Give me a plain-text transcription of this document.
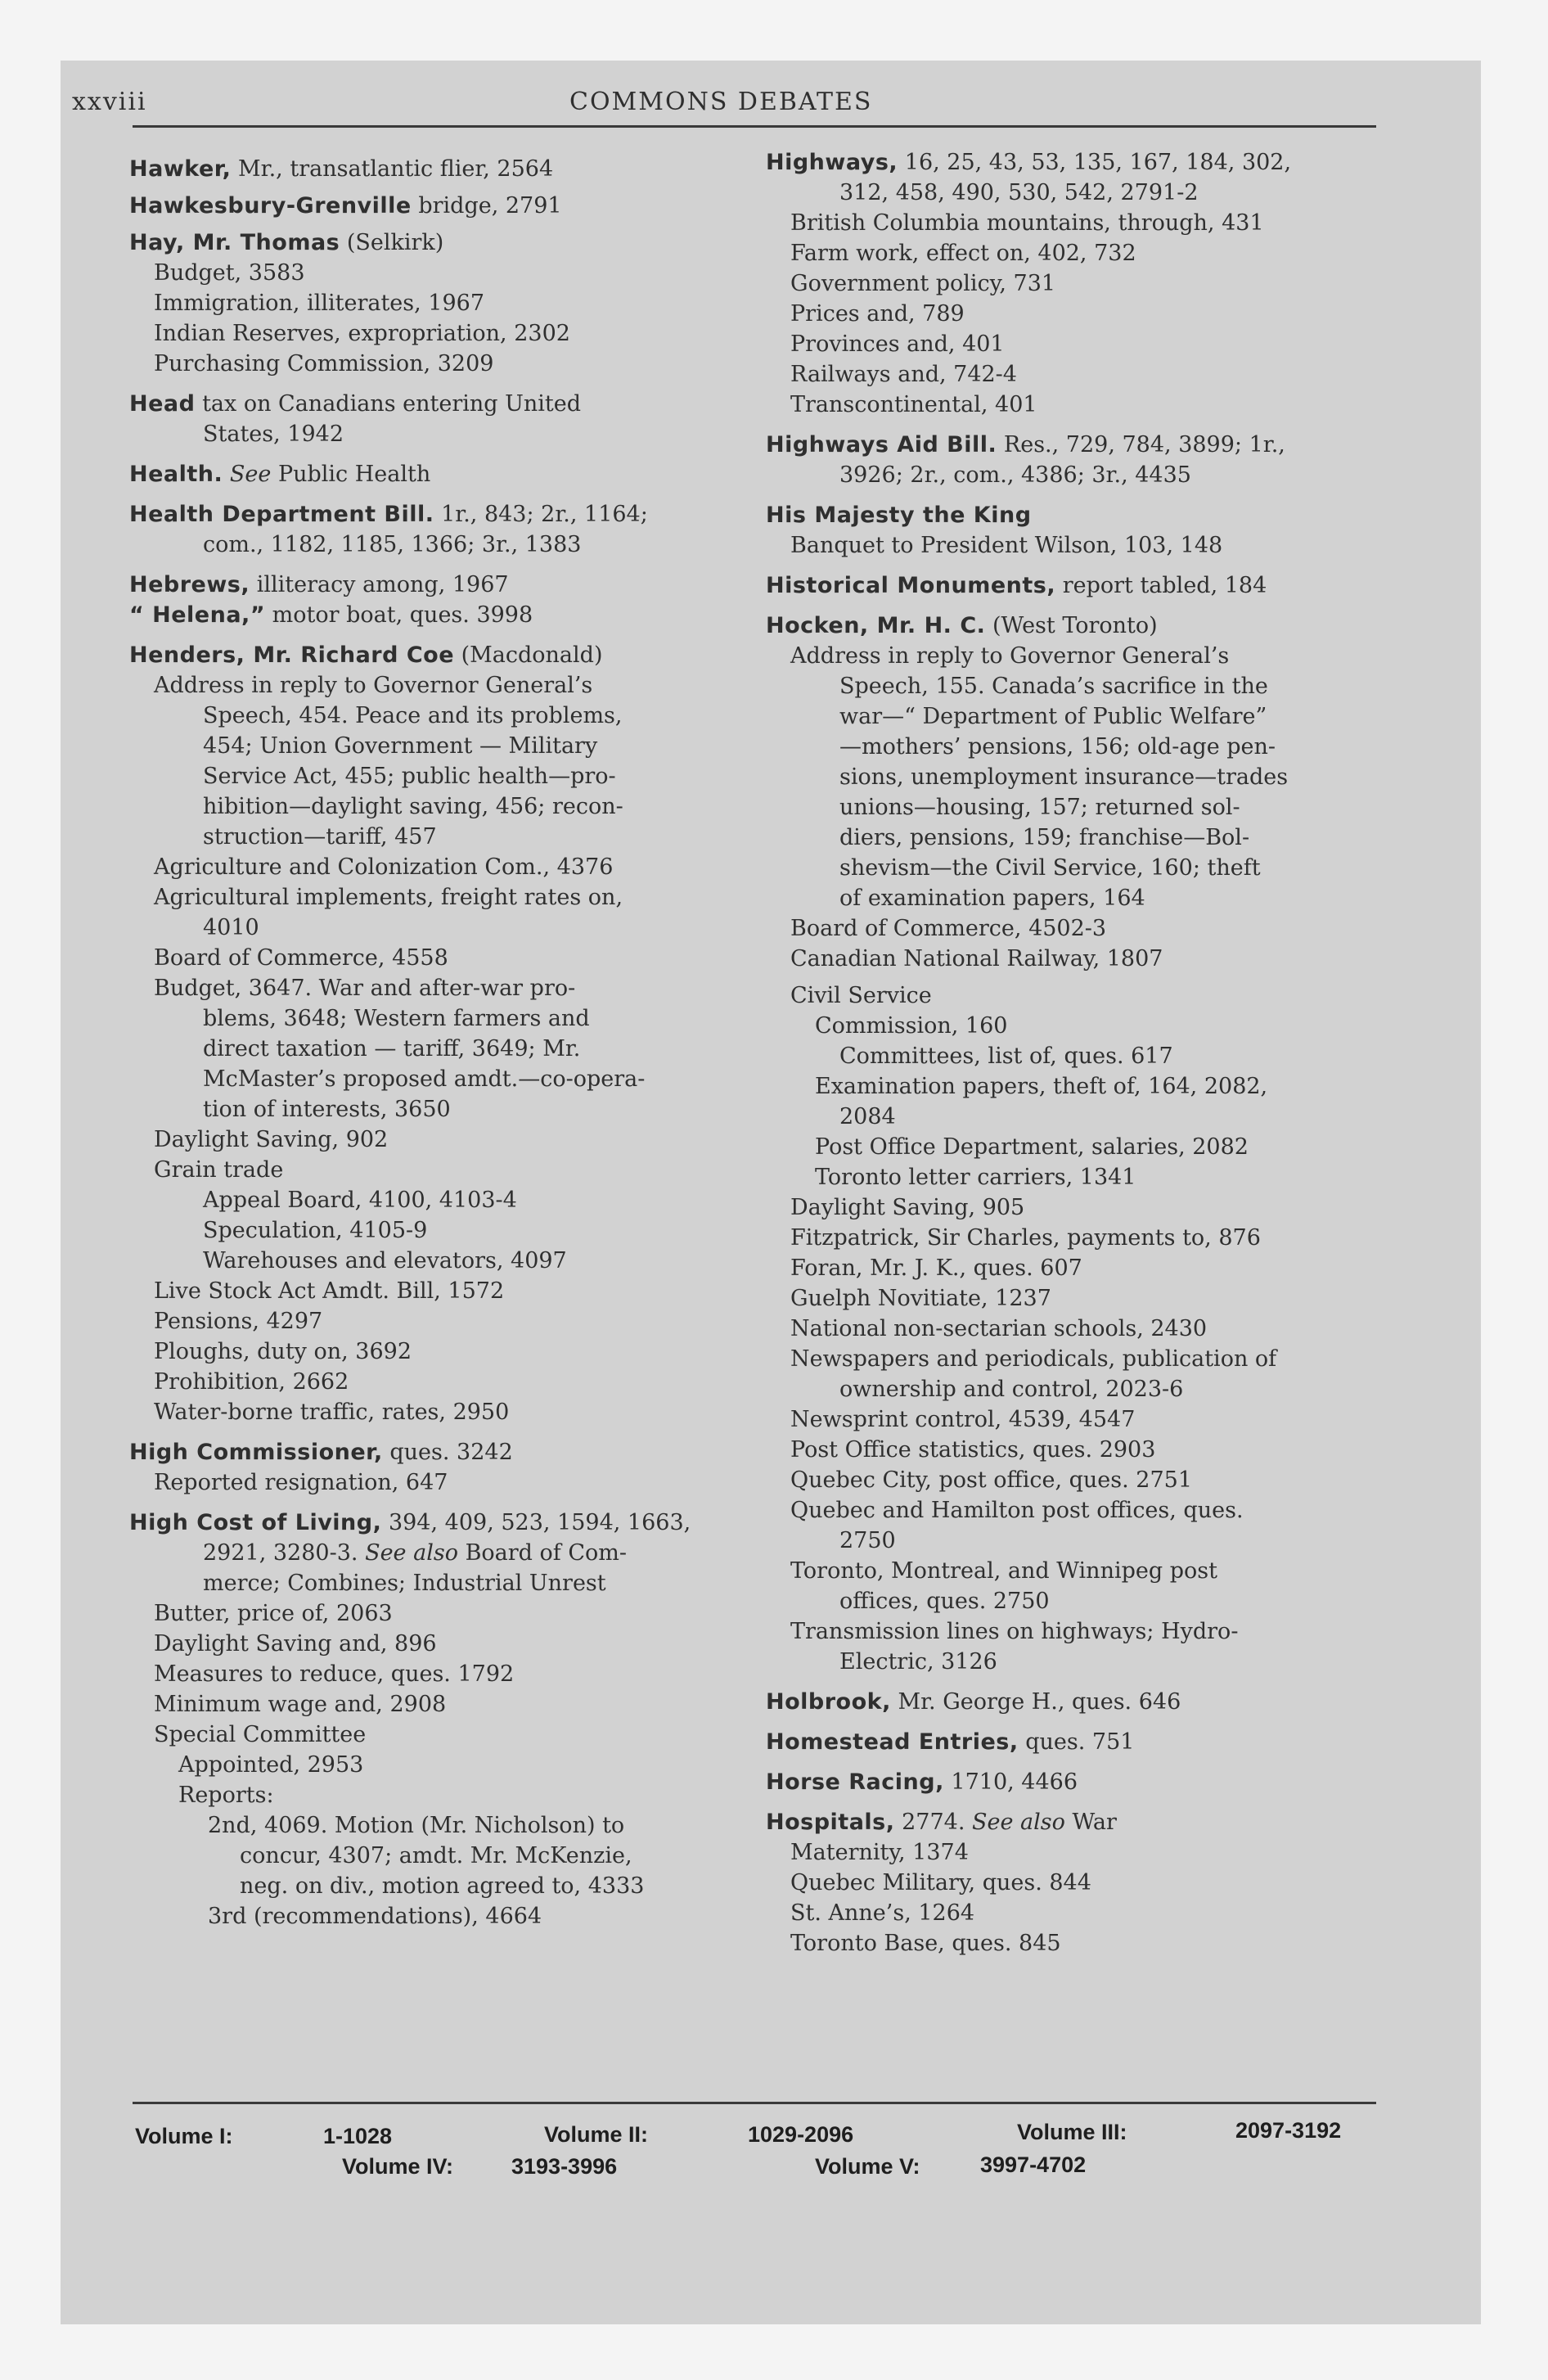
xxviii	COMMONS DEBATES

Hawker, Mr., transatlantic flier, 2564

Hawkesbury-Grenville bridge, 2791

Hay, Mr. Thomas (Selkirk)

Budget, 3583

Immigration, illiterates, 1967

Indian Reserves, expropriation, 2302

Purchasing Commission, 3209

Head tax on Canadians entering United

States, 1942

Health. See Public Health

Health Department Bill. 1r., 843; 2r., 1164;

com., 1182, 1185, 1366; 3r., 1383

Hebrews, illiteracy among, 1967

“ Helena,” motor boat, ques. 3998

Henders, Mr. Richard Coe (Macdonald)

Address in reply to Governor General’s

Speech, 454. Peace and its problems,

454; Union Government — Military

Service Act, 455; public health—pro-

hibition—daylight saving, 456; recon-

struction—tariff, 457

Agriculture and Colonization Com., 4376

Agricultural implements, freight rates on,

4010

Board of Commerce, 4558

Budget, 3647. War and after-war pro-

blems, 3648; Western farmers and

direct taxation — tariff, 3649; Mr.

McMaster’s proposed amdt.—co-opera-

tion of interests, 3650

Daylight Saving, 902

Grain trade

Appeal Board, 4100, 4103-4

Speculation, 4105-9

Warehouses and elevators, 4097

Live Stock Act Amdt. Bill, 1572

Pensions, 4297

Ploughs, duty on, 3692

Prohibition, 2662

Water-borne traffic, rates, 2950

High Commissioner, ques. 3242

Reported resignation, 647

High Cost of Living, 394, 409, 523, 1594, 1663,

2921, 3280-3. See also Board of Com-

merce; Combines; Industrial Unrest

Butter, price of, 2063

Daylight Saving and, 896

Measures to reduce, ques. 1792

Minimum wage and, 2908

Special Committee

Appointed, 2953

Reports:

2nd, 4069. Motion (Mr. Nicholson) to

concur, 4307; amdt. Mr. McKenzie,

neg. on div., motion agreed to, 4333

3rd (recommendations), 4664

Highways, 16, 25, 43, 53, 135, 167, 184, 302,

312, 458, 490, 530, 542, 2791-2

British Columbia mountains, through, 431

Farm work, effect on, 402, 732

Government policy, 731

Prices and, 789

Provinces and, 401

Railways and, 742-4

Transcontinental, 401

Highways Aid Bill. Res., 729, 784, 3899; 1r.,

3926; 2r., com., 4386; 3r., 4435

His Majesty the King

Banquet to President Wilson, 103, 148

Historical Monuments, report tabled, 184

Hocken, Mr. H. C. (West Toronto)

Address in reply to Governor General’s

Speech, 155. Canada’s sacrifice in the

war—“ Department of Public Welfare”

—mothers’ pensions, 156; old-age pen-

sions, unemployment insurance—trades

unions—housing, 157; returned sol-

diers, pensions, 159; franchise—Bol-

shevism—the Civil Service, 160; theft

of examination papers, 164

Board of Commerce, 4502-3

Canadian National Railway, 1807

Civil Service

Commission, 160

Committees, list of, ques. 617

Examination papers, theft of, 164, 2082,

2084

Post Office Department, salaries, 2082

Toronto letter carriers, 1341

Daylight Saving, 905

Fitzpatrick, Sir Charles, payments to, 876

Foran, Mr. J. K., ques. 607

Guelph Novitiate, 1237

National non-sectarian schools, 2430

Newspapers and periodicals, publication of

ownership and control, 2023-6

Newsprint control, 4539, 4547

Post Office statistics, ques. 2903

Quebec City, post office, ques. 2751

Quebec and Hamilton post offices, ques.

2750

Toronto, Montreal, and Winnipeg post

offices, ques. 2750

Transmission lines on highways; Hydro-

Electric, 3126

Holbrook, Mr. George H., ques. 646

Homestead Entries, ques. 751

Horse Racing, 1710, 4466

Hospitals, 2774. See also War

Maternity, 1374

Quebec Military, ques. 844

St. Anne’s, 1264

Toronto Base, ques. 845

Volume I:	1-1028	Volume II:	1029-2096	Volume III:	2097-3192
Volume IV:	3193-3996	Volume V:	3997-4702
